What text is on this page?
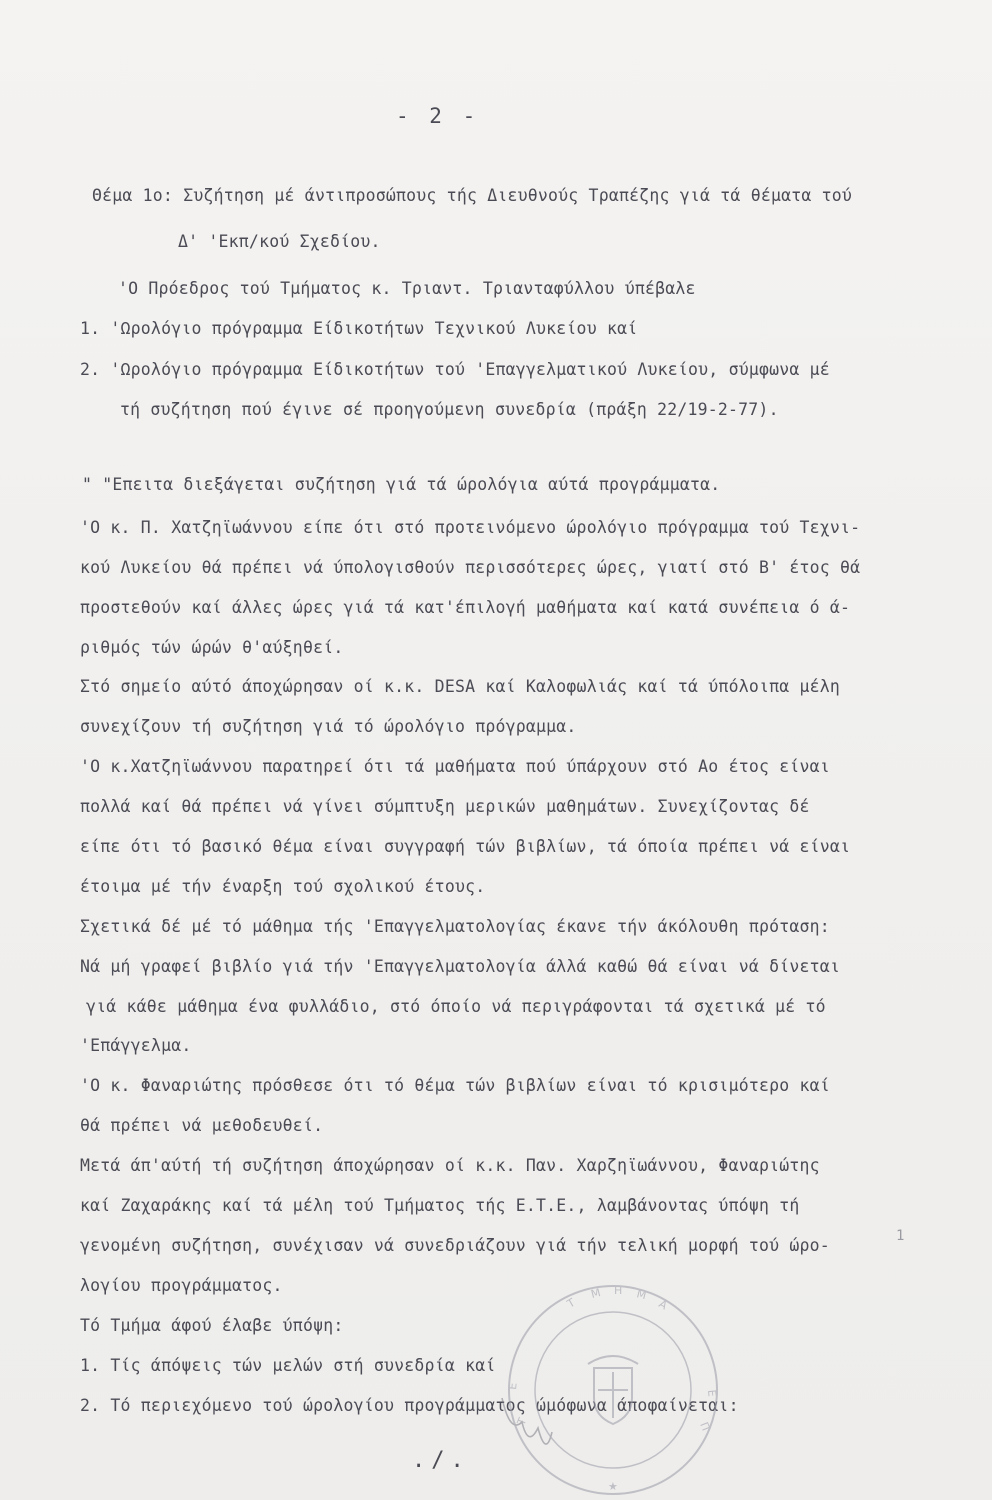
- 2 -
Θέμα 1ο: Συζήτηση μέ άντιπροσώπους τής Διευθνούς Τραπέζης γιά τά θέματα τού
Δ' 'Εκπ/κού Σχεδίου.
'Ο Πρόεδρος τού Τμήματος κ. Τριαντ. Τριανταφύλλου ύπέβαλε
1. 'Ωρολόγιο πρόγραμμα Είδικοτήτων Τεχνικού Λυκείου καί
2. 'Ωρολόγιο πρόγραμμα Είδικοτήτων τού 'Επαγγελματικού Λυκείου, σύμφωνα μέ
τή συζήτηση πού έγινε σέ προηγούμενη συνεδρία (πράξη 22/19-2-77).
" "Επειτα διεξάγεται συζήτηση γιά τά ώρολόγια αύτά προγράμματα.
'Ο κ. Π. Χατζηϊωάννου είπε ότι στό προτεινόμενο ώρολόγιο πρόγραμμα τού Τεχνι-
κού Λυκείου θά πρέπει νά ύπολογισθούν περισσότερες ώρες, γιατί στό Β' έτος θά
προστεθούν καί άλλες ώρες γιά τά κατ'έπιλογή μαθήματα καί κατά συνέπεια ό ά-
ριθμός τών ώρών θ'αύξηθεί.
Στό σημείο αύτό άποχώρησαν οί κ.κ. DESA καί Καλοφωλιάς καί τά ύπόλοιπα μέλη
συνεχίζουν τή συζήτηση γιά τό ώρολόγιο πρόγραμμα.
'Ο κ.Χατζηϊωάννου παρατηρεί ότι τά μαθήματα πού ύπάρχουν στό Αο έτος είναι
πολλά καί θά πρέπει νά γίνει σύμπτυξη μερικών μαθημάτων. Συνεχίζοντας δέ
είπε ότι τό βασικό θέμα είναι συγγραφή τών βιβλίων, τά όποία πρέπει νά είναι
έτοιμα μέ τήν έναρξη τού σχολικού έτους.
Σχετικά δέ μέ τό μάθημα τής 'Επαγγελματολογίας έκανε τήν άκόλουθη πρόταση:
Νά μή γραφεί βιβλίο γιά τήν 'Επαγγελματολογία άλλά καθώ θά είναι νά δίνεται
γιά κάθε μάθημα ένα φυλλάδιο, στό όποίο νά περιγράφονται τά σχετικά μέ τό
'Επάγγελμα.
'Ο κ. Φαναριώτης πρόσθεσε ότι τό θέμα τών βιβλίων είναι τό κρισιμότερο καί
θά πρέπει νά μεθοδευθεί.
Μετά άπ'αύτή τή συζήτηση άποχώρησαν οί κ.κ. Παν. Χαρζηϊωάννου, Φαναριώτης
καί Ζαχαράκης καί τά μέλη τού Τμήματος τής Ε.Τ.Ε., λαμβάνοντας ύπόψη τή
γενομένη συζήτηση, συνέχισαν νά συνεδριάζουν γιά τήν τελική μορφή τού ώρο-
λογίου προγράμματος.
Τό Τμήμα άφού έλαβε ύπόψη:
1. Τίς άπόψεις τών μελών στή συνεδρία καί
2. Τό περιεχόμενο τού ώρολογίου προγράμματος ώμόφωνα άποφαίνεται:
1
Τ
Μ Η Μ
Α
Ε
Π
Ε
Τ
★
./.
